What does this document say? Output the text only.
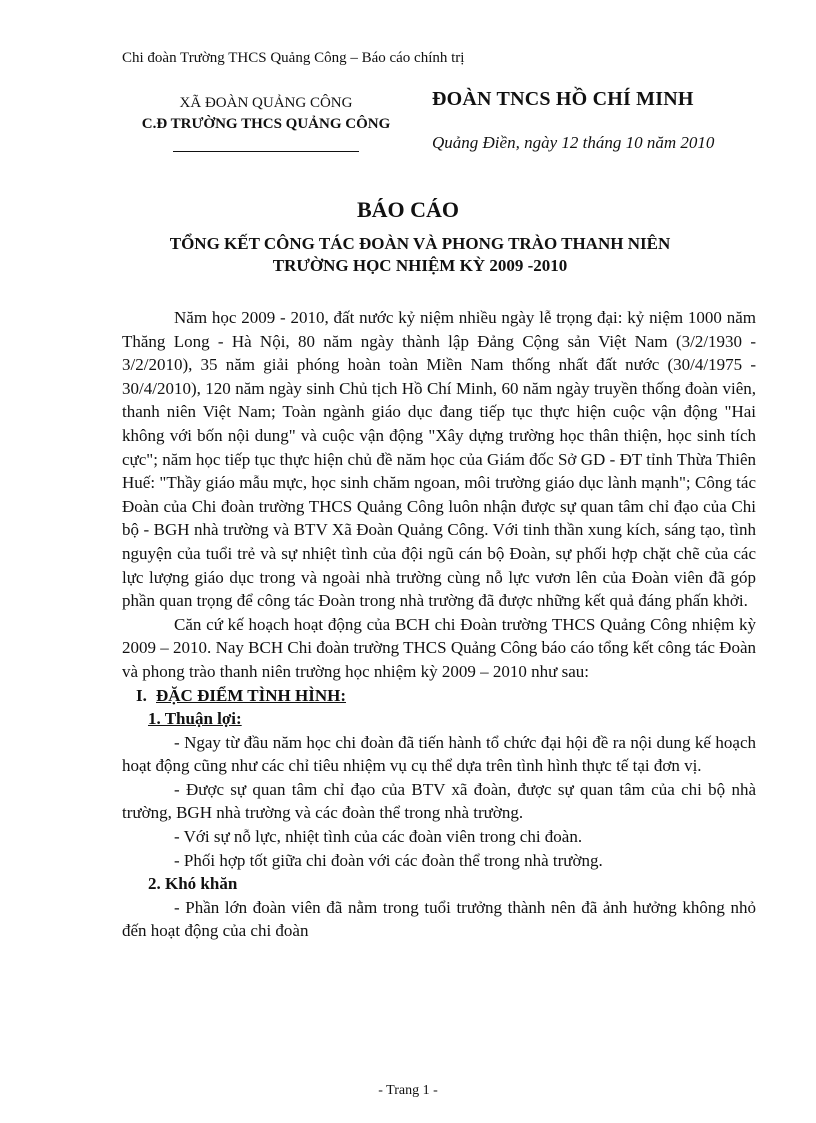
Chi đoàn Trường THCS Quảng Công – Báo cáo chính trị
XÃ ĐOÀN QUẢNG CÔNG
C.Đ TRƯỜNG THCS QUẢNG CÔNG
ĐOÀN TNCS HỒ CHÍ MINH
Quảng Điền, ngày 12 tháng 10 năm 2010
BÁO CÁO
TỔNG KẾT CÔNG TÁC ĐOÀN VÀ PHONG TRÀO THANH NIÊN
TRƯỜNG HỌC NHIỆM KỲ 2009 -2010

Năm học 2009 - 2010, đất nước kỷ niệm nhiều ngày lễ trọng đại: kỷ niệm 1000 năm Thăng Long - Hà Nội, 80 năm ngày thành lập Đảng Cộng sản Việt Nam (3/2/1930 - 3/2/2010), 35 năm giải phóng hoàn toàn Miền Nam thống nhất đất nước (30/4/1975 - 30/4/2010), 120 năm ngày sinh Chủ tịch Hồ Chí Minh, 60 năm ngày truyền thống đoàn viên, thanh niên Việt Nam; Toàn ngành giáo dục đang tiếp tục thực hiện cuộc vận động "Hai không với bốn nội dung" và cuộc vận động "Xây dựng trường học thân thiện, học sinh tích cực"; năm học tiếp tục thực hiện chủ đề năm học của Giám đốc Sở GD - ĐT tỉnh Thừa Thiên Huế: "Thầy giáo mẫu mực, học sinh chăm ngoan, môi trường giáo dục lành mạnh"; Công tác Đoàn của Chi đoàn trường THCS Quảng Công luôn nhận được sự quan tâm chỉ đạo của Chi bộ - BGH nhà trường và BTV Xã Đoàn Quảng Công. Với tinh thần xung kích, sáng tạo, tình nguyện của tuổi trẻ và sự nhiệt tình của đội ngũ cán bộ Đoàn, sự phối hợp chặt chẽ của các lực lượng giáo dục trong và ngoài nhà trường cùng nỗ lực vươn lên của Đoàn viên đã góp phần quan trọng để công tác Đoàn trong nhà trường đã được những kết quả đáng phấn khởi.

Căn cứ kế hoạch hoạt động của BCH chi Đoàn trường THCS Quảng Công nhiệm kỳ 2009 – 2010. Nay BCH Chi đoàn trường THCS Quảng Công báo cáo tổng kết công tác Đoàn và phong trào thanh niên trường học nhiệm kỳ 2009 – 2010 như sau:

I. ĐẶC ĐIỂM TÌNH HÌNH:
1. Thuận lợi:

- Ngay từ đầu năm học chi đoàn đã tiến hành tổ chức đại hội đề ra nội dung kế hoạch hoạt động cũng như các chỉ tiêu nhiệm vụ cụ thể dựa trên tình hình thực tế tại đơn vị.

- Được sự quan tâm chỉ đạo của BTV xã đoàn, được sự quan tâm của chi bộ nhà trường, BGH nhà trường và các đoàn thể trong nhà trường.

- Với sự nỗ lực, nhiệt tình của các đoàn viên trong chi đoàn.

- Phối hợp tốt giữa chi đoàn với các đoàn thể trong nhà trường.

2. Khó khăn

- Phần lớn đoàn viên đã nằm trong tuổi trưởng thành nên đã ảnh hưởng không nhỏ đến hoạt động của chi đoàn

- Trang 1 -
